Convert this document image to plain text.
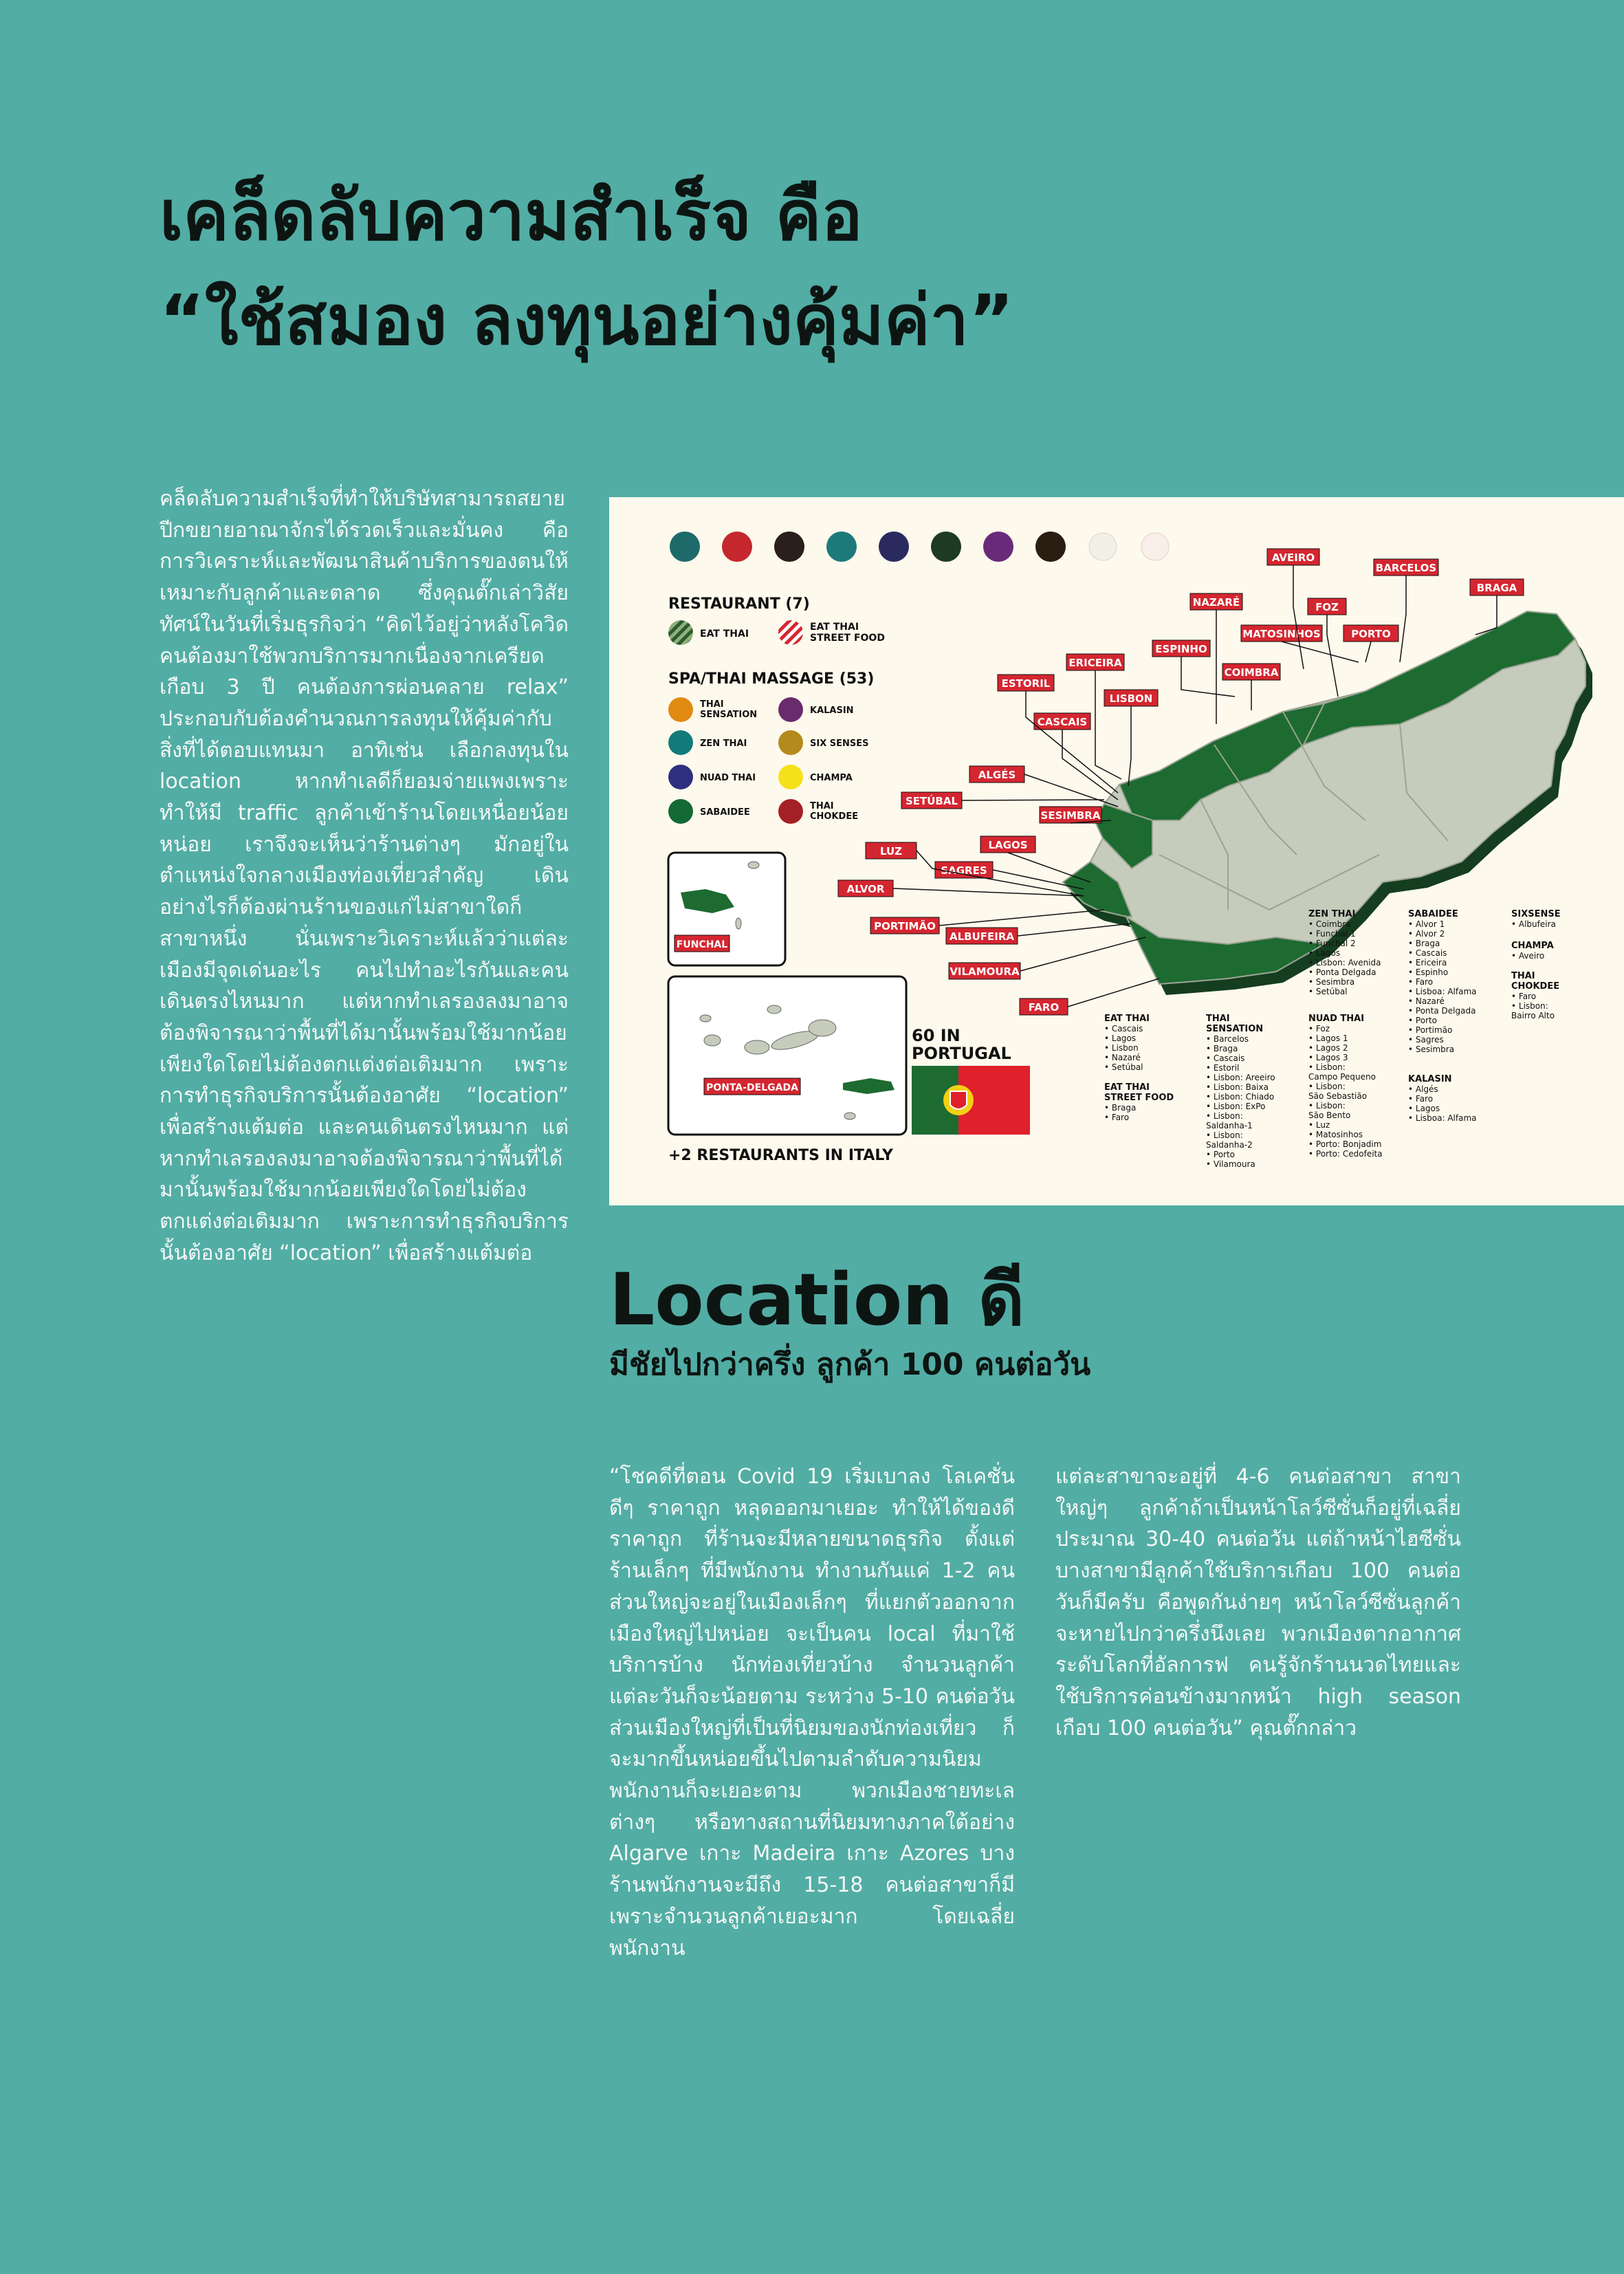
เคล็ดลับความสำเร็จ คือ
“ใช้สมอง ลงทุนอย่างคุ้มค่า”

คล็ดลับความสำเร็จที่ทำให้บริษัทสามารถสยายปีกขยายอาณาจักรได้รวดเร็วและมั่นคง คือ การวิเคราะห์และพัฒนาสินค้าบริการของตนให้เหมาะกับลูกค้าและตลาด ซึ่งคุณตั๊กเล่าวิสัยทัศน์ในวันที่เริ่มธุรกิจว่า “คิดไว้อยู่ว่าหลังโควิดคนต้องมาใช้พวกบริการมากเนื่องจากเครียดเกือบ 3 ปี คนต้องการผ่อนคลาย relax” ประกอบกับต้องคำนวณการลงทุนให้คุ้มค่ากับสิ่งที่ได้ตอบแทนมา อาทิเช่น เลือกลงทุนใน location หากทำเลดีก็ยอมจ่ายแพงเพราะทำให้มี traffic ลูกค้าเข้าร้านโดยเหนื่อยน้อยหน่อย เราจึงจะเห็นว่าร้านต่างๆ มักอยู่ในตำแหน่งใจกลางเมืองท่องเที่ยวสำคัญ เดินอย่างไรก็ต้องผ่านร้านของแก่ไม่สาขาใดก็สาขาหนึ่ง นั่นเพราะวิเคราะห์แล้วว่าแต่ละเมืองมีจุดเด่นอะไร คนไปทำอะไรกันและคนเดินตรงไหนมาก แต่หากทำเลรองลงมาอาจต้องพิจารณาว่าพื้นที่ได้มานั้นพร้อมใช้มากน้อยเพียงใดโดยไม่ต้องตกแต่งต่อเติมมาก เพราะการทำธุรกิจบริการนั้นต้องอาศัย “location” เพื่อสร้างแต้มต่อ และคนเดินตรงไหนมาก แต่หากทำเลรองลงมาอาจต้องพิจารณาว่าพื้นที่ได้มานั้นพร้อมใช้มากน้อยเพียงใดโดยไม่ต้องตกแต่งต่อเติมมาก เพราะการทำธุรกิจบริการนั้นต้องอาศัย “location” เพื่อสร้างแต้มต่อ

AVEIRO
BARCELOS
BRAGA
NAZARÉ	FOZ
MATOSINHOS	PORTO
ESPINHO
COIMBRA
ERICEIRA
ESTORIL
LISBON
CASCAIS
ALGÉS
SETÚBAL
SESIMBRA
LAGOS
LUZ
SAGRES
ALVOR
PORTIMÃO
ALBUFEIRA
VILAMOURA
FARO
RESTAURANT (7)
EAT THAI
EAT THAI STREET FOOD
SPA/THAI MASSAGE (53)
THAI SENSATION	KALASIN
ZEN THAI	SIX SENSES
NUAD THAI	CHAMPA
SABAIDEE
THAI CHOKDEE
FUNCHAL
PONTA-DELGADA
+2 RESTAURANTS IN ITALY
60 IN PORTUGAL
ZEN THAI
• Coimbra
• Funchal 1
• Funchal 2
• Lagos
• Lisbon: Avenida
• Ponta Delgada
• Sesimbra
• Setúbal
SABAIDEE
• Alvor 1
• Alvor 2
• Braga
• Cascais
• Ericeira
• Espinho
• Faro
• Lisboa: Alfama
• Nazaré
• Ponta Delgada
• Porto
• Portimão
• Sagres
• Sesimbra
SIXSENSE
• Albufeira
CHAMPA
• Aveiro
THAI
CHOKDEE
• Faro
• Lisbon:
Bairro Alto
NUAD THAI
• Foz
• Lagos 1
• Lagos 2
• Lagos 3
• Lisbon:
Campo Pequeno
• Lisbon:
São Sebastião
• Lisbon:
São Bento
• Luz
• Matosinhos
• Porto: Bonjadim
• Porto: Cedofeita
KALASIN
• Algés
• Faro
• Lagos
• Lisboa: Alfama
EAT THAI
• Cascais
• Lagos
• Lisbon
• Nazaré
• Setúbal
EAT THAI
STREET FOOD
• Braga
• Faro
THAI
SENSATION
• Barcelos
• Braga
• Cascais
• Estoril
• Lisbon: Areeiro
• Lisbon: Baixa
• Lisbon: Chiado
• Lisbon: ExPo
• Lisbon:
Saldanha-1
• Lisbon:
Saldanha-2
• Porto
• Vilamoura
Location ดี
มีชัยไปกว่าครึ่ง ลูกค้า 100 คนต่อวัน

“โชคดีที่ตอน Covid 19 เริ่มเบาลง โลเคชั่นดีๆ ราคาถูก หลุดออกมาเยอะ ทำให้ได้ของดีราคาถูก ที่ร้านจะมีหลายขนาดธุรกิจ ตั้งแต่ร้านเล็กๆ ที่มีพนักงาน ทำงานกันแค่ 1-2 คน ส่วนใหญ่จะอยู่ในเมืองเล็กๆ ที่แยกตัวออกจากเมืองใหญ่ไปหน่อย จะเป็นคน local ที่มาใช้บริการบ้าง นักท่องเที่ยวบ้าง จำนวนลูกค้าแต่ละวันก็จะน้อยตาม ระหว่าง 5-10 คนต่อวัน ส่วนเมืองใหญ่ที่เป็นที่นิยมของนักท่องเที่ยว ก็จะมากขึ้นหน่อยขึ้นไปตามลำดับความนิยม พนักงานก็จะเยอะตาม พวกเมืองชายทะเลต่างๆ หรือทางสถานที่นิยมทางภาคใต้อย่าง Algarve เกาะ Madeira เกาะ Azores บางร้านพนักงานจะมีถึง 15-18 คนต่อสาขาก็มี เพราะจำนวนลูกค้าเยอะมาก โดยเฉลี่ยพนักงาน

แต่ละสาขาจะอยู่ที่ 4-6 คนต่อสาขา สาขาใหญ่ๆ ลูกค้าถ้าเป็นหน้าโลว์ซีซั่นก็อยู่ที่เฉลี่ยประมาณ 30-40 คนต่อวัน แต่ถ้าหน้าไฮซีซั่น บางสาขามีลูกค้าใช้บริการเกือบ 100 คนต่อวันก็มีครับ คือพูดกันง่ายๆ หน้าโลว์ซีซั่นลูกค้าจะหายไปกว่าครึ่งนึงเลย พวกเมืองตากอากาศระดับโลกที่อัลการฟ คนรู้จักร้านนวดไทยและใช้บริการค่อนข้างมากหน้า high season เกือบ 100 คนต่อวัน” คุณตั๊กกล่าว
